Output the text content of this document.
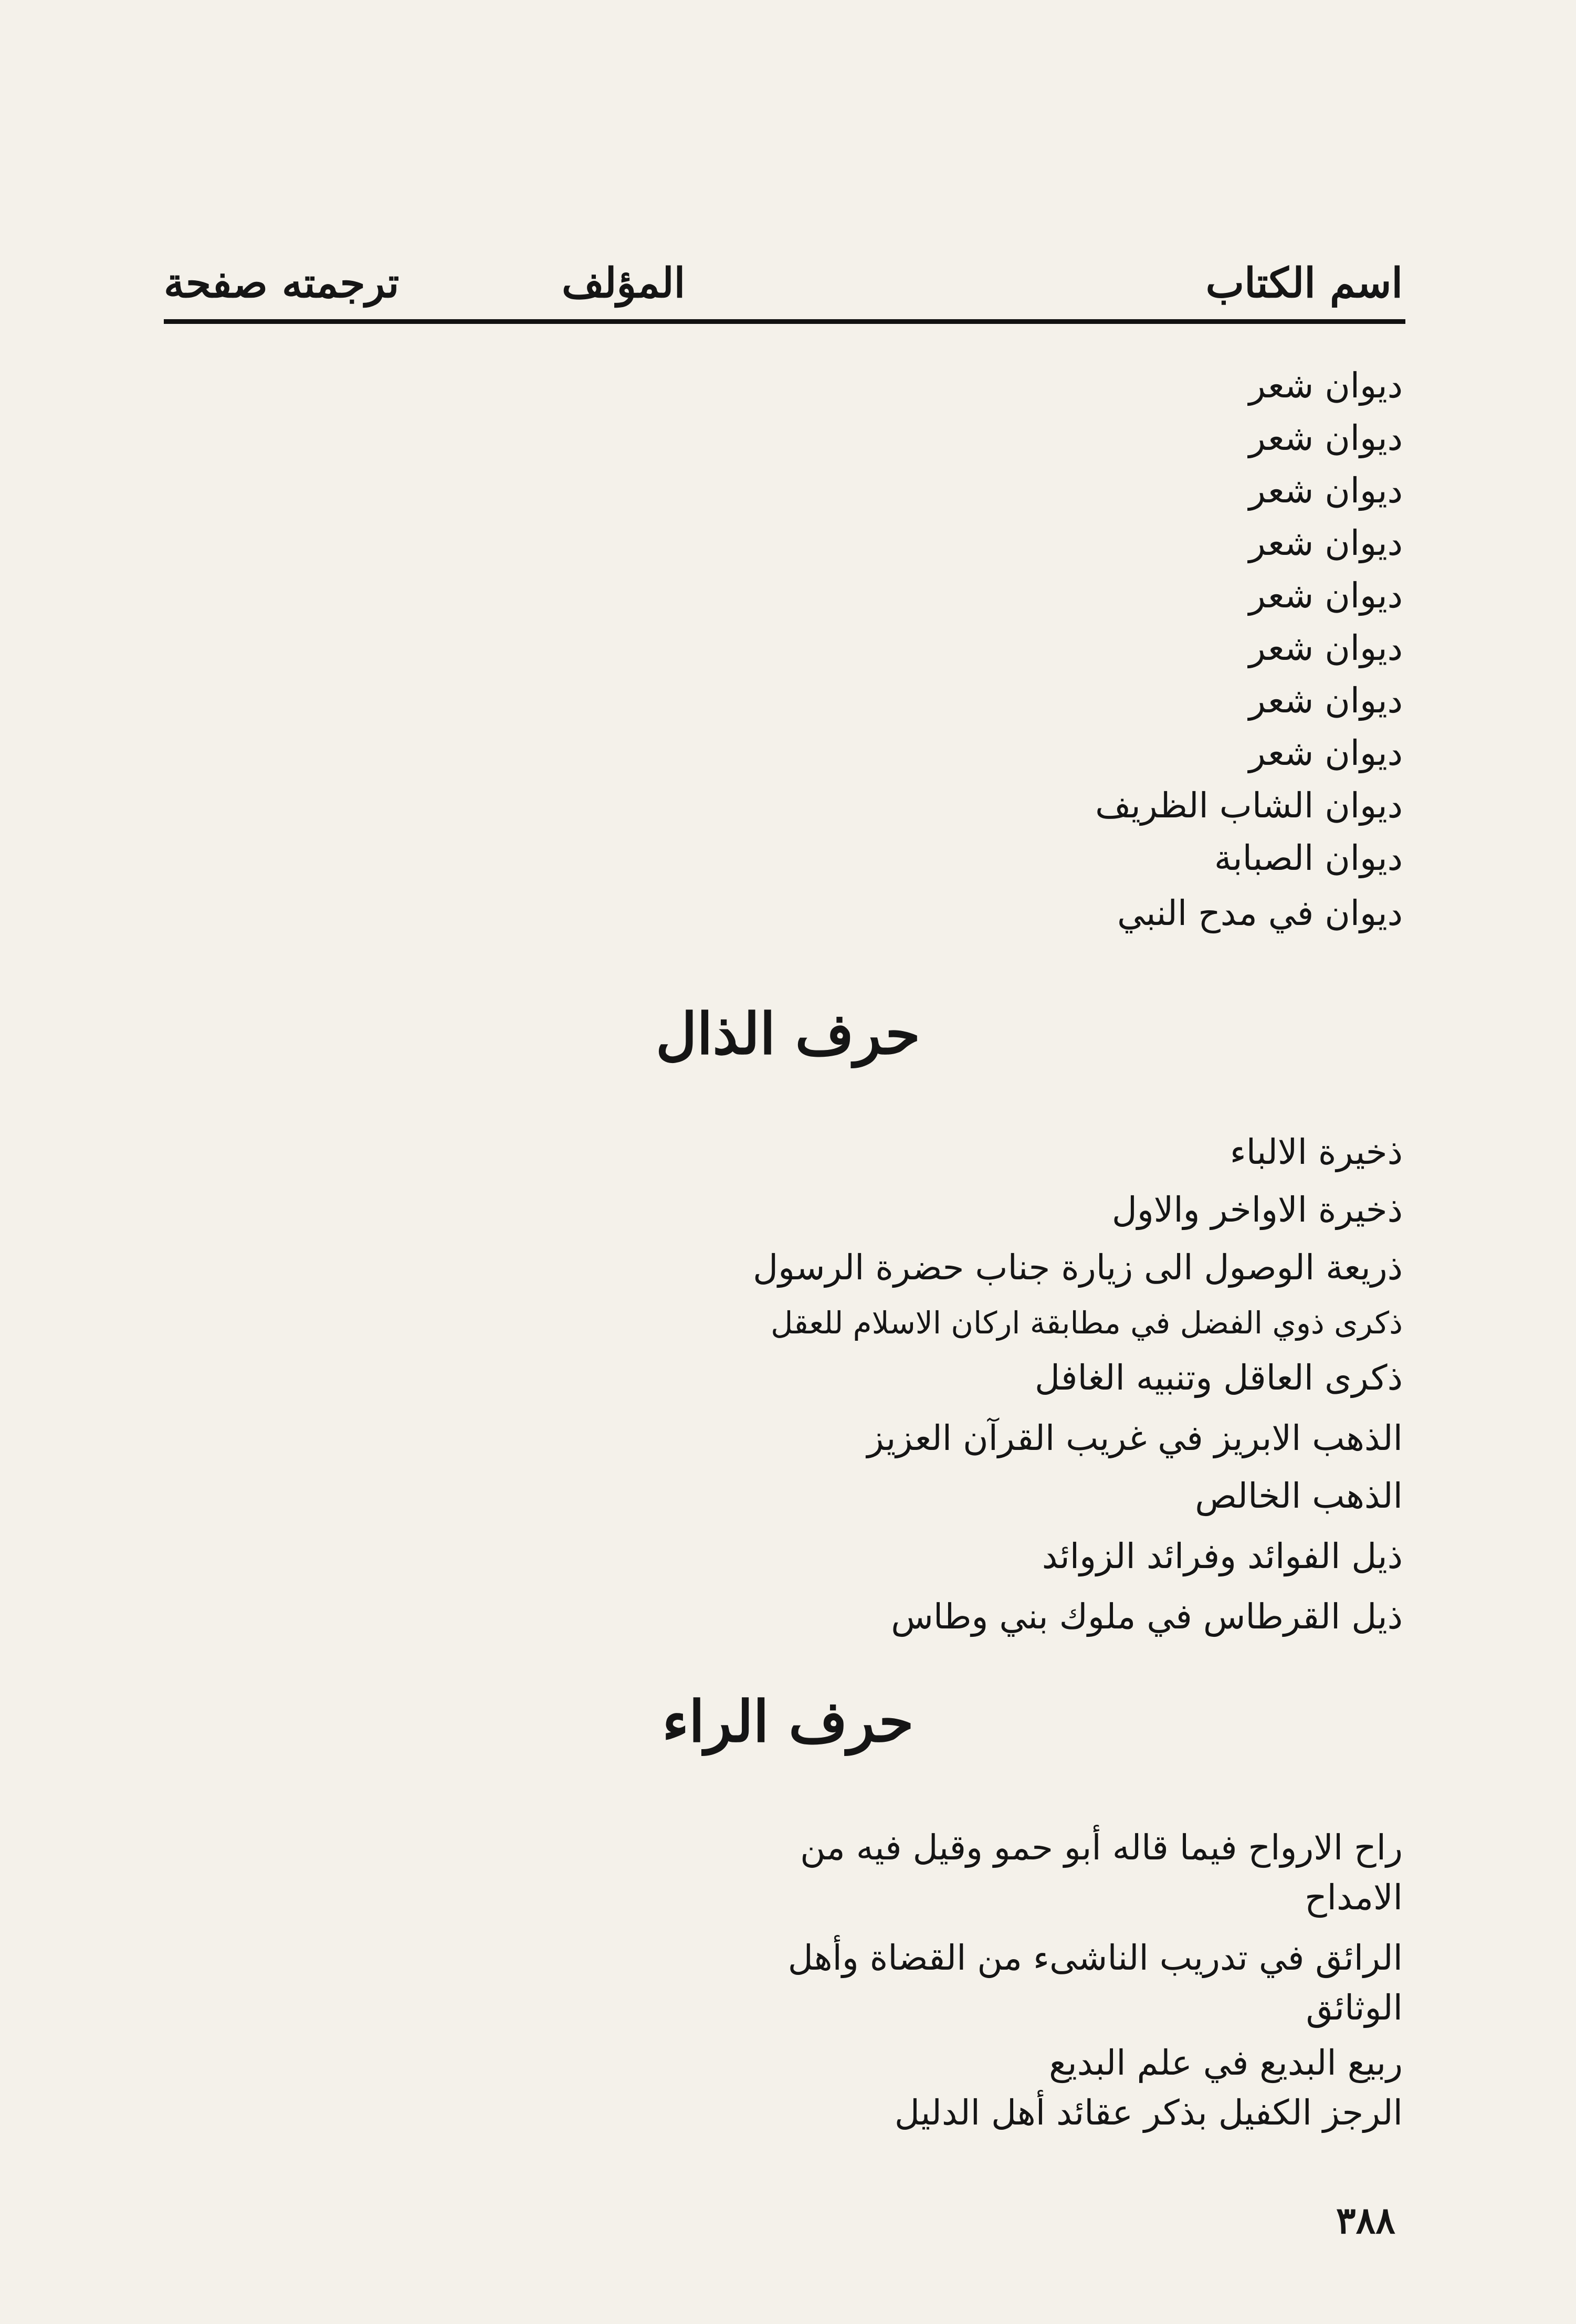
اسم الكتاب
المؤلف
ترجمته صفحة
ديوان شعر
ديوان شعر
ديوان شعر
ديوان شعر
ديوان شعر
ديوان شعر
ديوان شعر
ديوان شعر
ديوان الشاب الظريف
ديوان الصبابة
ديوان في مدح النبي
حرف الذال
ذخيرة الالباء
ذخيرة الاواخر والاول
ذريعة الوصول الى زيارة جناب حضرة الرسول
ذكرى ذوي الفضل في مطابقة اركان الاسلام للعقل
ذكرى العاقل وتنبيه الغافل
الذهب الابريز في غريب القرآن العزيز
الذهب الخالص
ذيل الفوائد وفرائد الزوائد
ذيل القرطاس في ملوك بني وطاس
حرف الراء
راح الارواح فيما قاله أبو حمو وقيل فيه من
الامداح
الرائق في تدريب الناشىء من القضاة وأهل
الوثائق
ربيع البديع في علم البديع
الرجز الكفيل بذكر عقائد أهل الدليل
٣٨٨
